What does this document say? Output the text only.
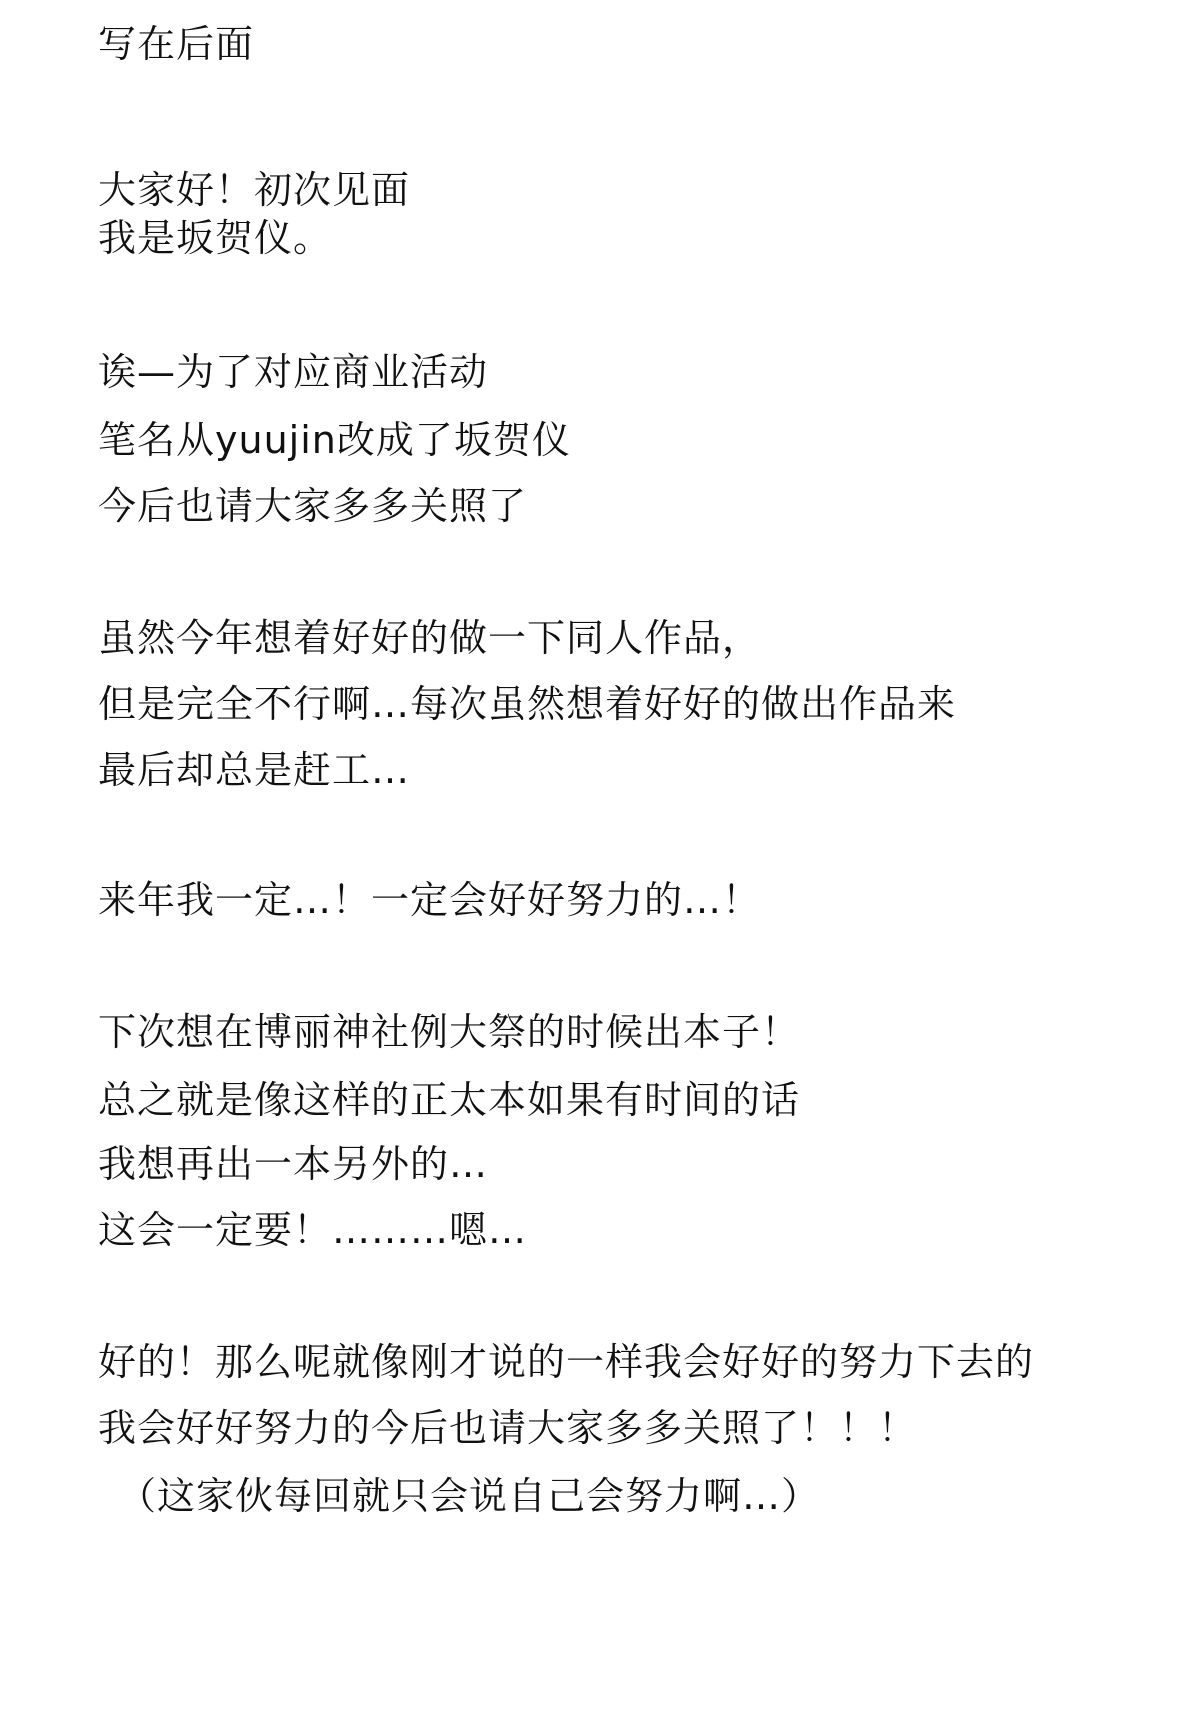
写在后面
大家好！初次见面
我是坂贺仪。
诶—为了对应商业活动
笔名从yuujin改成了坂贺仪
今后也请大家多多关照了
虽然今年想着好好的做一下同人作品，
但是完全不行啊…每次虽然想着好好的做出作品来
最后却总是赶工…
来年我一定…！一定会好好努力的…！
下次想在博丽神社例大祭的时候出本子！
总之就是像这样的正太本如果有时间的话
我想再出一本另外的…
这会一定要！………嗯…
好的！那么呢就像刚才说的一样我会好好的努力下去的
我会好好努力的今后也请大家多多关照了！！！
（这家伙每回就只会说自己会努力啊…）
